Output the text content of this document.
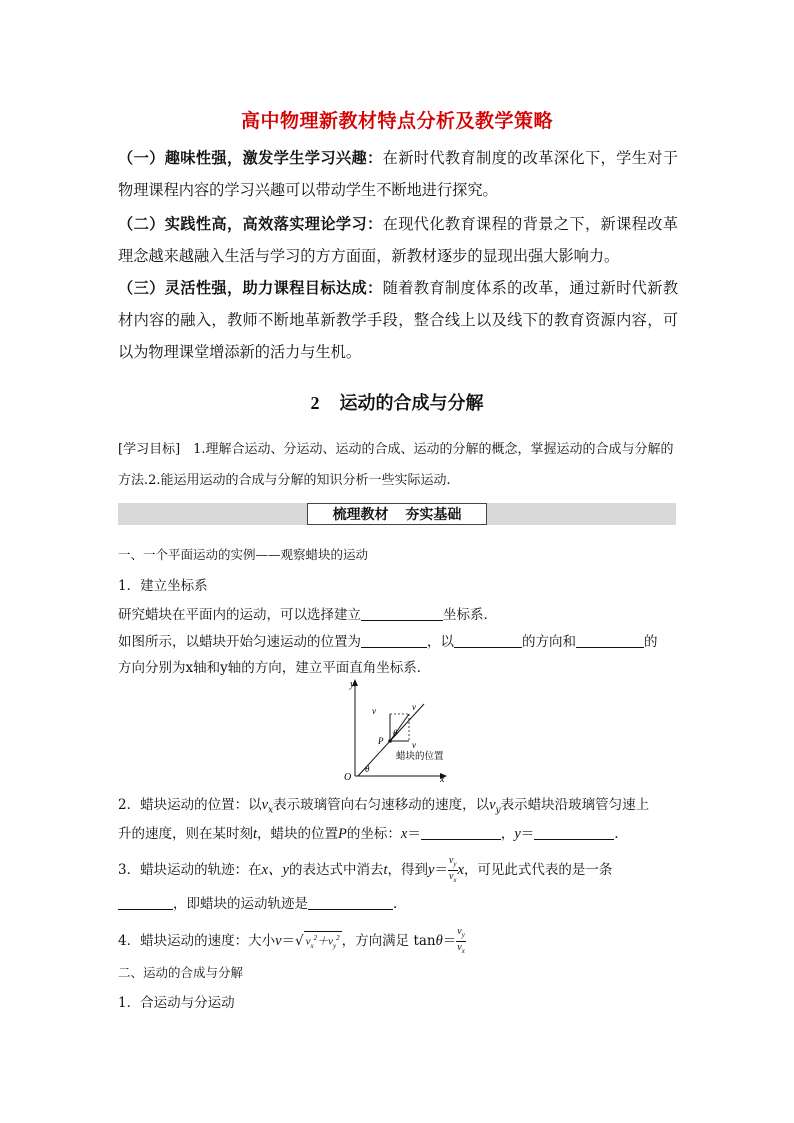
高中物理新教材特点分析及教学策略
（一）趣味性强，激发学生学习兴趣：在新时代教育制度的改革深化下，学生对于物理课程内容的学习兴趣可以带动学生不断地进行探究。
（二）实践性高，高效落实理论学习：在现代化教育课程的背景之下，新课程改革理念越来越融入生活与学习的方方面面，新教材逐步的显现出强大影响力。
（三）灵活性强，助力课程目标达成：随着教育制度体系的改革，通过新时代新教材内容的融入，教师不断地革新教学手段，整合线上以及线下的教育资源内容，可以为物理课堂增添新的活力与生机。
2 运动的合成与分解
[学习目标]　1.理解合运动、分运动、运动的合成、运动的分解的概念，掌握运动的合成与分解的方法.2.能运用运动的合成与分解的知识分析一些实际运动.
梳理教材 夯实基础
一、一个平面运动的实例——观察蜡块的运动
1．建立坐标系
研究蜡块在平面内的运动，可以选择建立	坐标系．
如图所示，以蜡块开始匀速运动的位置为	，以	的方向和	的
方向分别为x轴和y轴的方向，建立平面直角坐标系．
y
x
O
v	v
v
P
θ
θ
蜡块的位置
2．蜡块运动的位置：以$v_x$表示玻璃管向右匀速移动的速度，以$v_y$表示蜡块沿玻璃管匀速上
升的速度，则在某时刻t，蜡块的位置P的坐标：x＝	，y＝	.
3．蜡块运动的轨迹：在x、y的表达式中消去t，得到$y= \frac{v_y}{v_x}$ x，可见此式代表的是一条
，即蜡块的运动轨迹是	.
4．蜡块运动的速度：大小v＝√ $v_x^2+v_y^2$ ，方向满足 $\tan\theta= \frac{v_y}{v_x}$
二、运动的合成与分解
1．合运动与分运动
